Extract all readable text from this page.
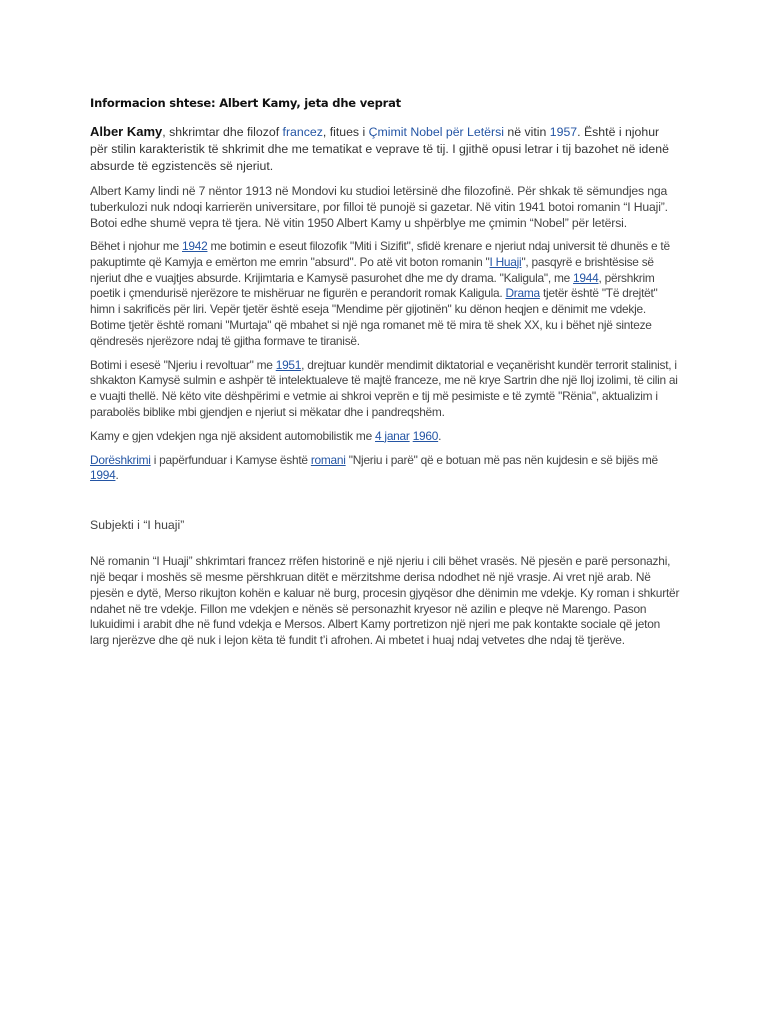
Informacion shtese: Albert Kamy, jeta dhe veprat

Alber Kamy, shkrimtar dhe filozof francez, fitues i Çmimit Nobel për Letërsi në vitin 1957. Është i njohur për stilin karakteristik të shkrimit dhe me tematikat e veprave të tij. I gjithë opusi letrar i tij bazohet në idenë absurde të egzistencës së njeriut.

Albert Kamy lindi në 7 nëntor 1913 në Mondovi ku studioi letërsinë dhe filozofinë. Për shkak të sëmundjes nga tuberkulozi nuk ndoqi karrierën universitare, por filloi të punojë si gazetar. Në vitin 1941 botoi romanin “I Huaji”. Botoi edhe shumë vepra të tjera. Në vitin 1950 Albert Kamy u shpërblye me çmimin “Nobel” për letërsi.

Bëhet i njohur me 1942 me botimin e eseut filozofik "Miti i Sizifit", sfidë krenare e njeriut ndaj universit të dhunës e të pakuptimte që Kamyja e emërton me emrin "absurd". Po atë vit boton romanin "I Huaji", pasqyrë e brishtësise së njeriut dhe e vuajtjes absurde. Krijimtaria e Kamysë pasurohet dhe me dy drama. "Kaligula", me 1944, përshkrim poetik i çmendurisë njerëzore te mishëruar ne figurën e perandorit romak Kaligula. Drama tjetër është "Të drejtët" himn i sakrificës për liri. Vepër tjetër është eseja "Mendime për gijotinën" ku dënon heqjen e dënimit me vdekje. Botime tjetër është romani "Murtaja" që mbahet si një nga romanet më të mira të shek XX, ku i bëhet një sinteze qëndresës njerëzore ndaj të gjitha formave te tiranisë.

Botimi i esesë "Njeriu i revoltuar" me 1951, drejtuar kundër mendimit diktatorial e veçanërisht kundër terrorit stalinist, i shkakton Kamysë sulmin e ashpër të intelektualeve të majtë franceze, me në krye Sartrin dhe një lloj izolimi, të cilin ai e vuajti thellë. Në këto vite dëshpërimi e vetmie ai shkroi veprën e tij më pesimiste e të zymtë "Rënia", aktualizim i parabolës biblike mbi gjendjen e njeriut si mëkatar dhe i pandreqshëm.

Kamy e gjen vdekjen nga një aksident automobilistik me 4 janar 1960.

Dorëshkrimi i papërfunduar i Kamyse është romani "Njeriu i parë" që e botuan më pas nën kujdesin e së bijës më 1994.

Subjekti i “I huaji”

Në romanin “I Huaji” shkrimtari francez rrëfen historinë e një njeriu i cili bëhet vrasës. Në pjesën e parë personazhi, një beqar i moshës së mesme përshkruan ditët e mërzitshme derisa ndodhet në një vrasje. Ai vret një arab. Në pjesën e dytë, Merso rikujton kohën e kaluar në burg, procesin gjyqësor dhe dënimin me vdekje. Ky roman i shkurtër ndahet në tre vdekje. Fillon me vdekjen e nënës së personazhit kryesor në azilin e pleqve në Marengo. Pason lukuidimi i arabit dhe në fund vdekja e Mersos. Albert Kamy portretizon një njeri me pak kontakte sociale që jeton larg njerëzve dhe që nuk i lejon këta të fundit t’i afrohen. Ai mbetet i huaj ndaj vetvetes dhe ndaj të tjerëve.
